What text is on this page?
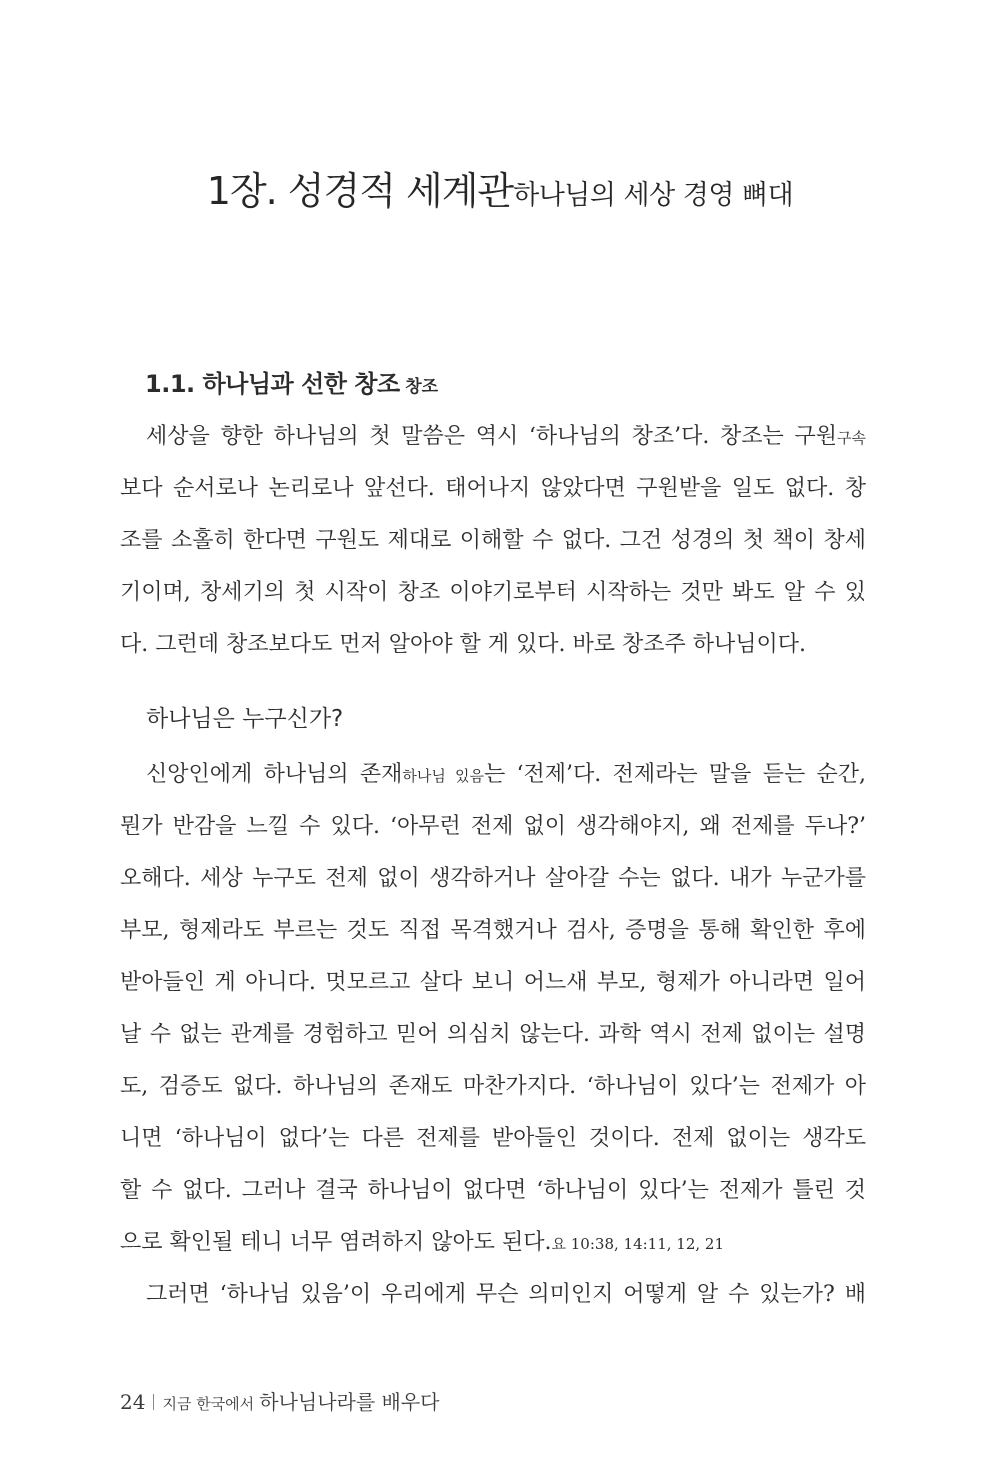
1장. 성경적 세계관하나님의 세상 경영 뼈대
1.1. 하나님과 선한 창조 창조
세상을 향한 하나님의 첫 말씀은 역시 ‘하나님의 창조’다. 창조는 구원구속
보다 순서로나 논리로나 앞선다. 태어나지 않았다면 구원받을 일도 없다. 창
조를 소홀히 한다면 구원도 제대로 이해할 수 없다. 그건 성경의 첫 책이 창세
기이며, 창세기의 첫 시작이 창조 이야기로부터 시작하는 것만 봐도 알 수 있
다. 그런데 창조보다도 먼저 알아야 할 게 있다. 바로 창조주 하나님이다.
하나님은 누구신가?
신앙인에게 하나님의 존재하나님 있음는 ‘전제’다. 전제라는 말을 듣는 순간,
뭔가 반감을 느낄 수 있다. ‘아무런 전제 없이 생각해야지, 왜 전제를 두나?’
오해다. 세상 누구도 전제 없이 생각하거나 살아갈 수는 없다. 내가 누군가를
부모, 형제라도 부르는 것도 직접 목격했거나 검사, 증명을 통해 확인한 후에
받아들인 게 아니다. 멋모르고 살다 보니 어느새 부모, 형제가 아니라면 일어
날 수 없는 관계를 경험하고 믿어 의심치 않는다. 과학 역시 전제 없이는 설명
도, 검증도 없다. 하나님의 존재도 마찬가지다. ‘하나님이 있다’는 전제가 아
니면 ‘하나님이 없다’는 다른 전제를 받아들인 것이다. 전제 없이는 생각도
할 수 없다. 그러나 결국 하나님이 없다면 ‘하나님이 있다’는 전제가 틀린 것
으로 확인될 테니 너무 염려하지 않아도 된다.요 10:38, 14:11, 12, 21
그러면 ‘하나님 있음’이 우리에게 무슨 의미인지 어떻게 알 수 있는가? 배
24 지금 한국에서 하나님나라를 배우다
